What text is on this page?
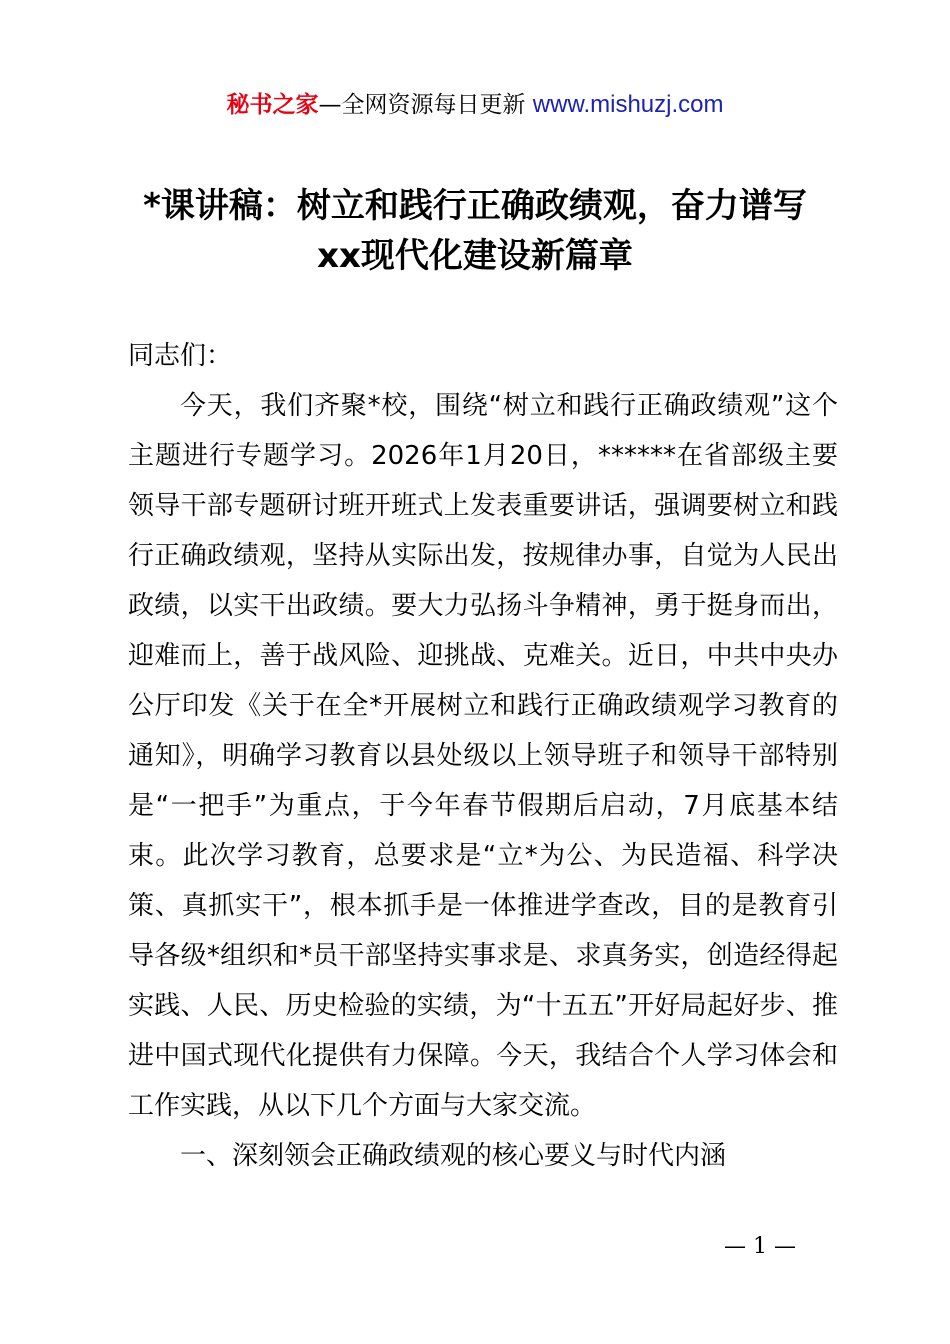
秘书之家—全网资源每日更新 www.mishuzj.com
*课讲稿：树立和践行正确政绩观，奋力谱写
xx现代化建设新篇章

同志们：

今天，我们齐聚*校，围绕“树立和践行正确政绩观”这个主题进行专题学习。2026年1月20日，******在省部级主要领导干部专题研讨班开班式上发表重要讲话，强调要树立和践行正确政绩观，坚持从实际出发，按规律办事，自觉为人民出政绩，以实干出政绩。要大力弘扬斗争精神，勇于挺身而出，迎难而上，善于战风险、迎挑战、克难关。近日，中共中央办公厅印发《关于在全*开展树立和践行正确政绩观学习教育的通知》，明确学习教育以县处级以上领导班子和领导干部特别是“一把手”为重点，于今年春节假期后启动，7月底基本结束。此次学习教育，总要求是“立*为公、为民造福、科学决策、真抓实干”，根本抓手是一体推进学查改，目的是教育引导各级*组织和*员干部坚持实事求是、求真务实，创造经得起实践、人民、历史检验的实绩，为“十五五”开好局起好步、推进中国式现代化提供有力保障。今天，我结合个人学习体会和工作实践，从以下几个方面与大家交流。

一、深刻领会正确政绩观的核心要义与时代内涵

— 1 —
